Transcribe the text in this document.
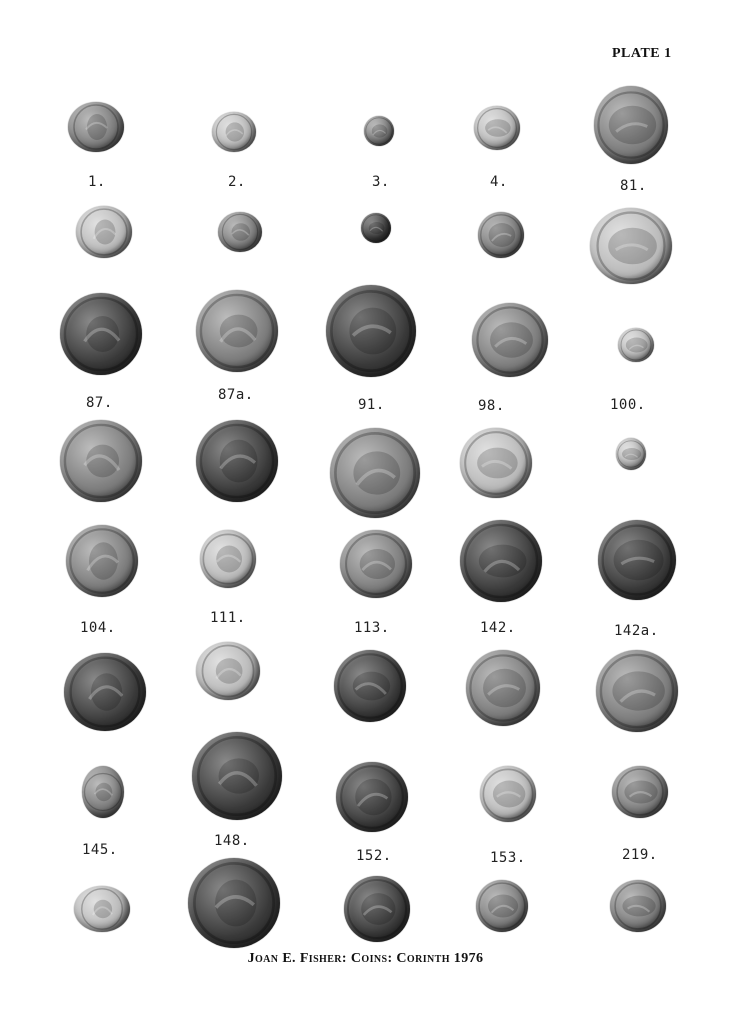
PLATE 1
1.	2.	3.	4.	81.
87.	87a.
91.	98.	100.
104.
111.
113.	142.	142a.
145.
148.
152.	153.	219.
Joan E. Fisher: Coins: Corinth 1976
